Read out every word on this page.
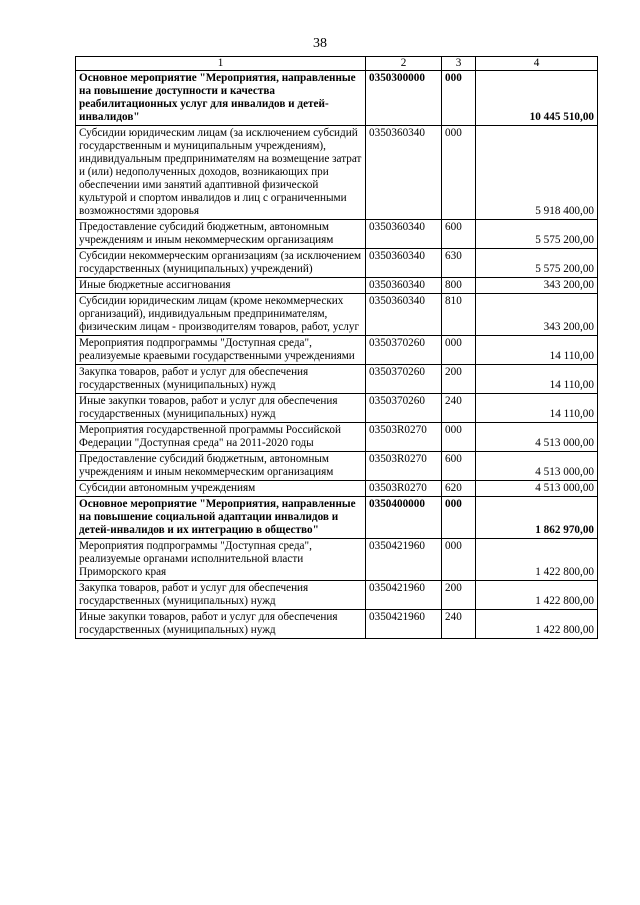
38
1	2	3	4
Основное мероприятие "Мероприятия, направленные на повышение доступности и качества реабилитационных услуг для инвалидов и детей-инвалидов"	0350300000	000	10 445 510,00
Субсидии юридическим лицам (за исключением субсидий государственным и муниципальным учреждениям), индивидуальным предпринимателям на возмещение затрат и (или) недополученных доходов, возникающих при обеспечении ими занятий адаптивной физической культурой и спортом инвалидов и лиц с ограниченными возможностями здоровья	0350360340	000	5 918 400,00
Предоставление субсидий бюджетным, автономным учреждениям и иным некоммерческим организациям	0350360340	600	5 575 200,00
Субсидии некоммерческим организациям (за исключением государственных (муниципальных) учреждений)	0350360340	630	5 575 200,00
Иные бюджетные ассигнования	0350360340	800	343 200,00
Субсидии юридическим лицам (кроме некоммерческих организаций), индивидуальным предпринимателям, физическим лицам - производителям товаров, работ, услуг	0350360340	810	343 200,00
Мероприятия подпрограммы "Доступная среда", реализуемые краевыми государственными учреждениями	0350370260	000	14 110,00
Закупка товаров, работ и услуг для обеспечения государственных (муниципальных) нужд	0350370260	200	14 110,00
Иные закупки товаров, работ и услуг для обеспечения государственных (муниципальных) нужд	0350370260	240	14 110,00
Мероприятия государственной программы Российской Федерации "Доступная среда" на 2011-2020 годы	03503R0270	000	4 513 000,00
Предоставление субсидий бюджетным, автономным учреждениям и иным некоммерческим организациям	03503R0270	600	4 513 000,00
Субсидии автономным учреждениям	03503R0270	620	4 513 000,00
Основное мероприятие "Мероприятия, направленные на повышение социальной адаптации инвалидов и детей-инвалидов и их интеграцию в общество"	0350400000	000	1 862 970,00
Мероприятия подпрограммы "Доступная среда", реализуемые органами исполнительной власти Приморского края	0350421960	000	1 422 800,00
Закупка товаров, работ и услуг для обеспечения государственных (муниципальных) нужд	0350421960	200	1 422 800,00
Иные закупки товаров, работ и услуг для обеспечения государственных (муниципальных) нужд	0350421960	240	1 422 800,00
